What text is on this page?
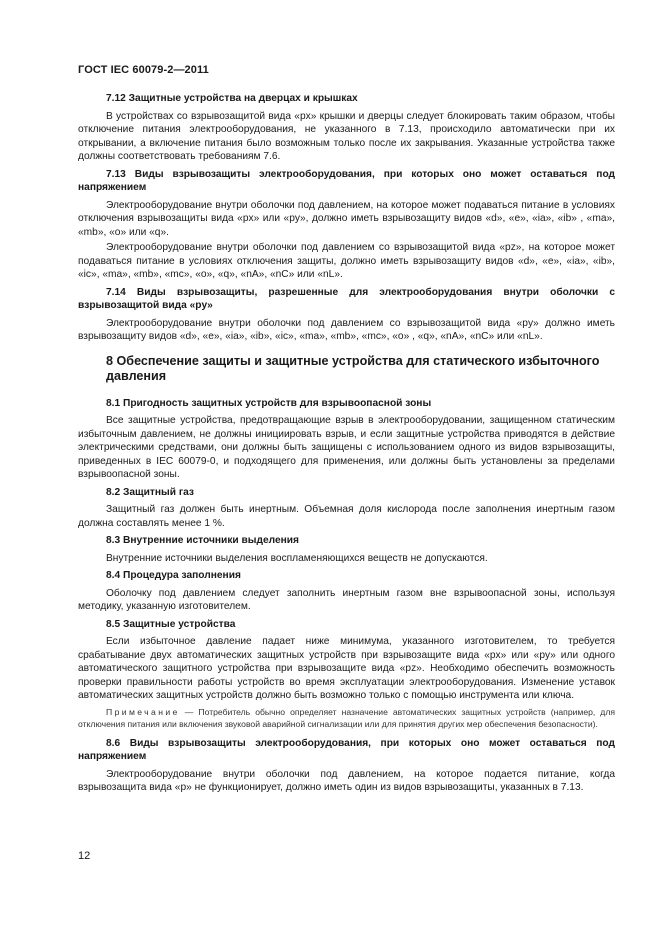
ГОСТ IEC 60079-2—2011
7.12 Защитные устройства на дверцах и крышках
В устройствах со взрывозащитой вида «px» крышки и дверцы следует блокировать таким образом, чтобы отключение питания электрооборудования, не указанного в 7.13, происходило автоматически при их открывании, а включение питания было возможным только после их закрывания. Указанные устройства также должны соответствовать требованиям 7.6.
7.13 Виды взрывозащиты электрооборудования, при которых оно может оставаться под напряжением
Электрооборудование внутри оболочки под давлением, на которое может подаваться питание в условиях отключения взрывозащиты вида «px» или «py», должно иметь взрывозащиту видов «d», «e», «ia», «ib» , «ma», «mb», «o» или «q».
Электрооборудование внутри оболочки под давлением со взрывозащитой вида «pz», на которое может подаваться питание в условиях отключения защиты, должно иметь взрывозащиту видов «d», «e», «ia», «ib», «ic», «ma», «mb», «mc», «o», «q», «nA», «nC» или «nL».
7.14 Виды взрывозащиты, разрешенные для электрооборудования внутри оболочки с взрывозащитой вида «py»
Электрооборудование внутри оболочки под давлением со взрывозащитой вида «py» должно иметь взрывозащиту видов «d», «e», «ia», «ib», «ic», «ma», «mb», «mc», «o» , «q», «nA», «nC» или «nL».
8 Обеспечение защиты и защитные устройства для статического избыточного давления
8.1 Пригодность защитных устройств для взрывоопасной зоны
Все защитные устройства, предотвращающие взрыв в электрооборудовании, защищенном статическим избыточным давлением, не должны инициировать взрыв, и если защитные устройства приводятся в действие электрическими средствами, они должны быть защищены с использованием одного из видов взрывозащиты, приведенных в IEC 60079-0, и подходящего для применения, или должны быть установлены за пределами взрывоопасной зоны.
8.2 Защитный газ
Защитный газ должен быть инертным. Объемная доля кислорода после заполнения инертным газом должна составлять менее 1 %.
8.3 Внутренние источники выделения
Внутренние источники выделения воспламеняющихся веществ не допускаются.
8.4 Процедура заполнения
Оболочку под давлением следует заполнить инертным газом вне взрывоопасной зоны, используя методику, указанную изготовителем.
8.5 Защитные устройства
Если избыточное давление падает ниже минимума, указанного изготовителем, то требуется срабатывание двух автоматических защитных устройств при взрывозащите вида «px» или «py» или одного автоматического защитного устройства при взрывозащите вида «pz». Необходимо обеспечить возможность проверки правильности работы устройств во время эксплуатации электрооборудования. Изменение уставок автоматических защитных устройств должно быть возможно только с помощью инструмента или ключа.
Примечание — Потребитель обычно определяет назначение автоматических защитных устройств (например, для отключения питания или включения звуковой аварийной сигнализации или для принятия других мер обеспечения безопасности).
8.6 Виды взрывозащиты электрооборудования, при которых оно может оставаться под напряжением
Электрооборудование внутри оболочки под давлением, на которое подается питание, когда взрывозащита вида «p» не функционирует, должно иметь один из видов взрывозащиты, указанных в 7.13.
12
